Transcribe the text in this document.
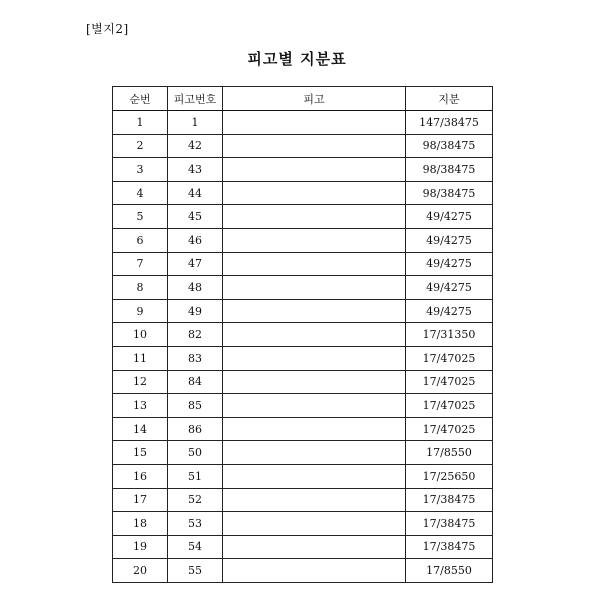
[별지2]
피고별 지분표
순번	피고번호	피고	지분
1	1		147/38475
2	42		98/38475
3	43		98/38475
4	44		98/38475
5	45		49/4275
6	46		49/4275
7	47		49/4275
8	48		49/4275
9	49		49/4275
10	82		17/31350
11	83		17/47025
12	84		17/47025
13	85		17/47025
14	86		17/47025
15	50		17/8550
16	51		17/25650
17	52		17/38475
18	53		17/38475
19	54		17/38475
20	55		17/8550
